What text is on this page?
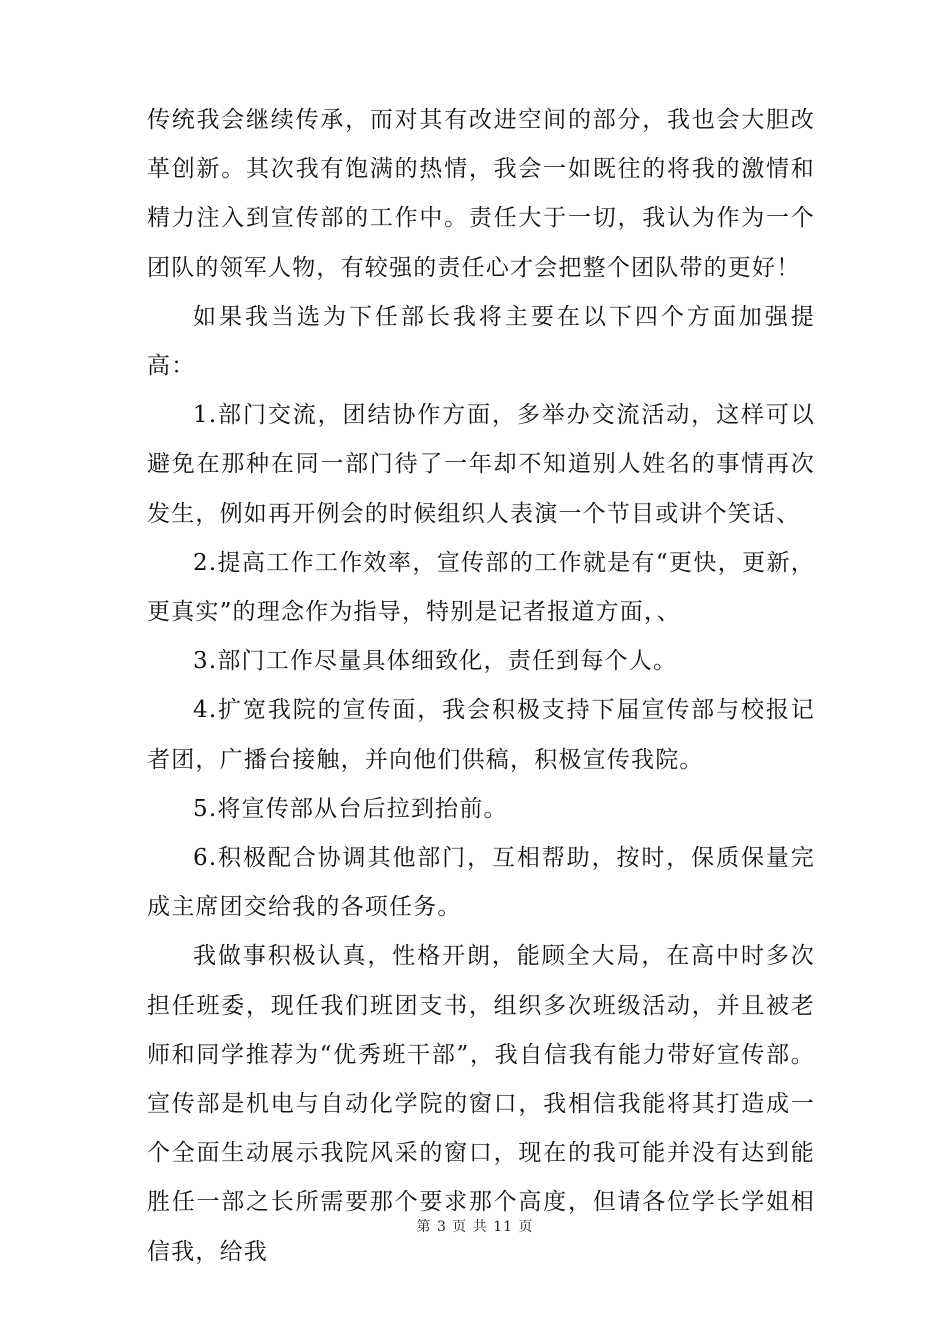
传统我会继续传承，而对其有改进空间的部分，我也会大胆改革创新。其次我有饱满的热情，我会一如既往的将我的激情和精力注入到宣传部的工作中。责任大于一切，我认为作为一个团队的领军人物，有较强的责任心才会把整个团队带的更好！

如果我当选为下任部长我将主要在以下四个方面加强提高：

1.部门交流，团结协作方面，多举办交流活动，这样可以避免在那种在同一部门待了一年却不知道别人姓名的事情再次发生，例如再开例会的时候组织人表演一个节目或讲个笑话、

2.提高工作工作效率，宣传部的工作就是有“更快，更新，更真实”的理念作为指导，特别是记者报道方面，、

3.部门工作尽量具体细致化，责任到每个人。

4.扩宽我院的宣传面，我会积极支持下届宣传部与校报记者团，广播台接触，并向他们供稿，积极宣传我院。

5.将宣传部从台后拉到抬前。

6.积极配合协调其他部门，互相帮助，按时，保质保量完成主席团交给我的各项任务。

我做事积极认真，性格开朗，能顾全大局，在高中时多次担任班委，现任我们班团支书，组织多次班级活动，并且被老师和同学推荐为“优秀班干部”，我自信我有能力带好宣传部。宣传部是机电与自动化学院的窗口，我相信我能将其打造成一个全面生动展示我院风采的窗口，现在的我可能并没有达到能胜任一部之长所需要那个要求那个高度，但请各位学长学姐相信我，给我

第 3 页 共 11 页
